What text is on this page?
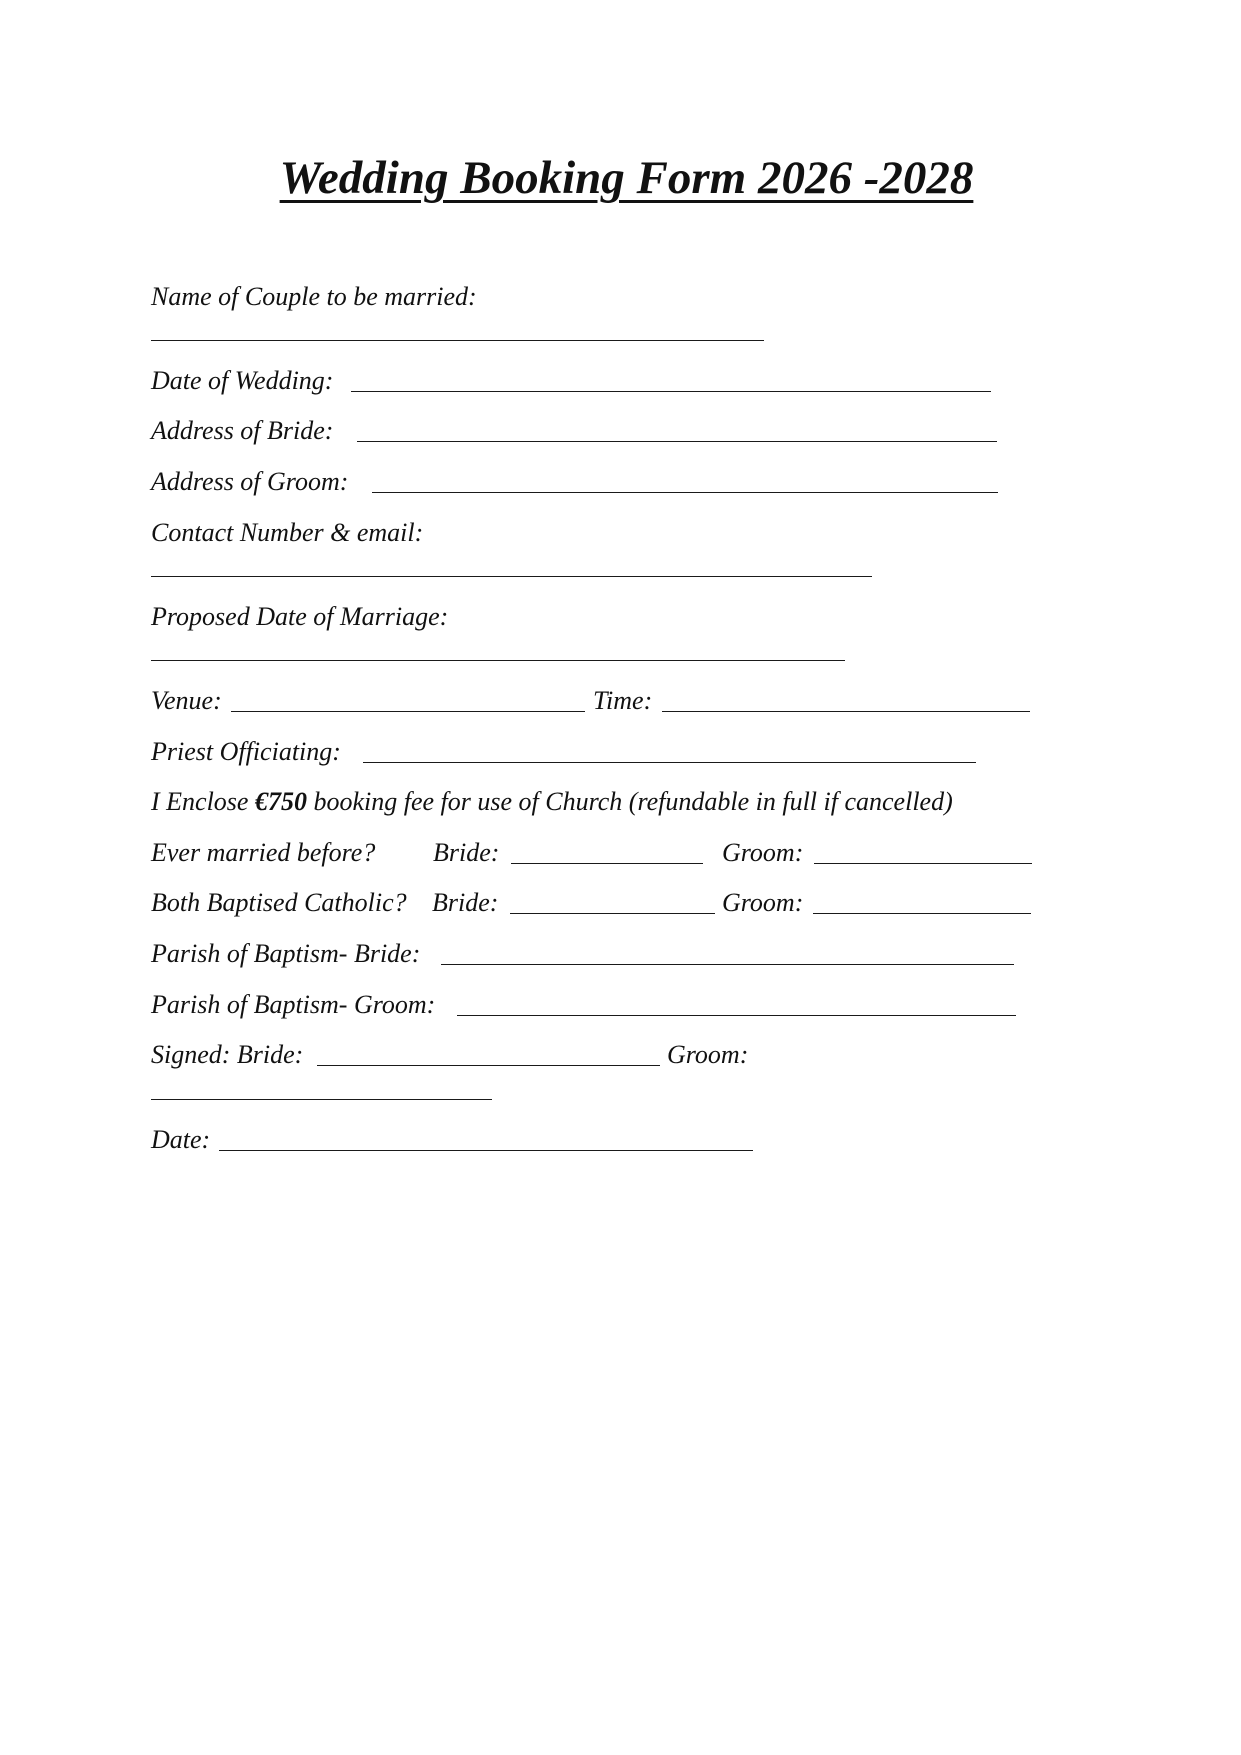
Wedding Booking Form 2026 -2028
Name of Couple to be married:
Date of Wedding:
Address of Bride:
Address of Groom:
Contact Number & email:
Proposed Date of Marriage:
Venue:	Time:
Priest Officiating:
I Enclose €750 booking fee for use of Church (refundable in full if cancelled)
Ever married before? Bride:	Groom:
Both Baptised Catholic? Bride:	Groom:
Parish of Baptism- Bride:
Parish of Baptism- Groom:
Signed: Bride:	Groom:
Date:
